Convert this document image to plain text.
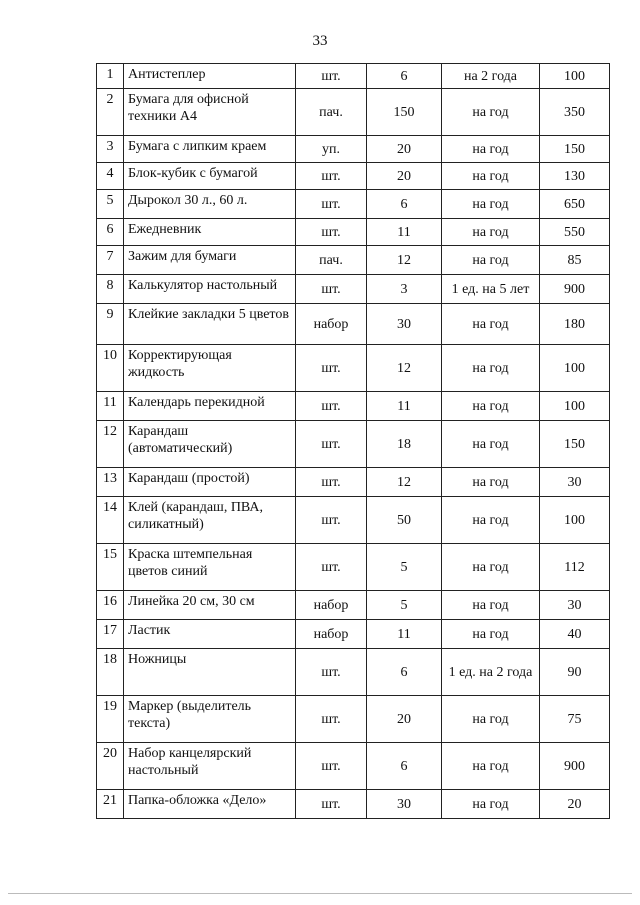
33
1	Антистеплер	шт.	6	на 2 года	100
2	Бумага для офисной техники А4	пач.	150	на год	350
3	Бумага с липким краем	уп.	20	на год	150
4	Блок-кубик с бумагой	шт.	20	на год	130
5	Дырокол 30 л., 60 л.	шт.	6	на год	650
6	Ежедневник	шт.	11	на год	550
7	Зажим для бумаги	пач.	12	на год	85
8	Калькулятор настольный	шт.	3	1 ед. на 5 лет	900
9	Клейкие закладки 5 цветов	набор	30	на год	180
10	Корректирующая жидкость	шт.	12	на год	100
11	Календарь перекидной	шт.	11	на год	100
12	Карандаш (автоматический)	шт.	18	на год	150
13	Карандаш (простой)	шт.	12	на год	30
14	Клей (карандаш, ПВА, силикатный)	шт.	50	на год	100
15	Краска штемпельная цветов синий	шт.	5	на год	112
16	Линейка 20 см, 30 см	набор	5	на год	30
17	Ластик	набор	11	на год	40
18	Ножницы	шт.	6	1 ед. на 2 года	90
19	Маркер (выделитель текста)	шт.	20	на год	75
20	Набор канцелярский настольный	шт.	6	на год	900
21	Папка-обложка «Дело»	шт.	30	на год	20
